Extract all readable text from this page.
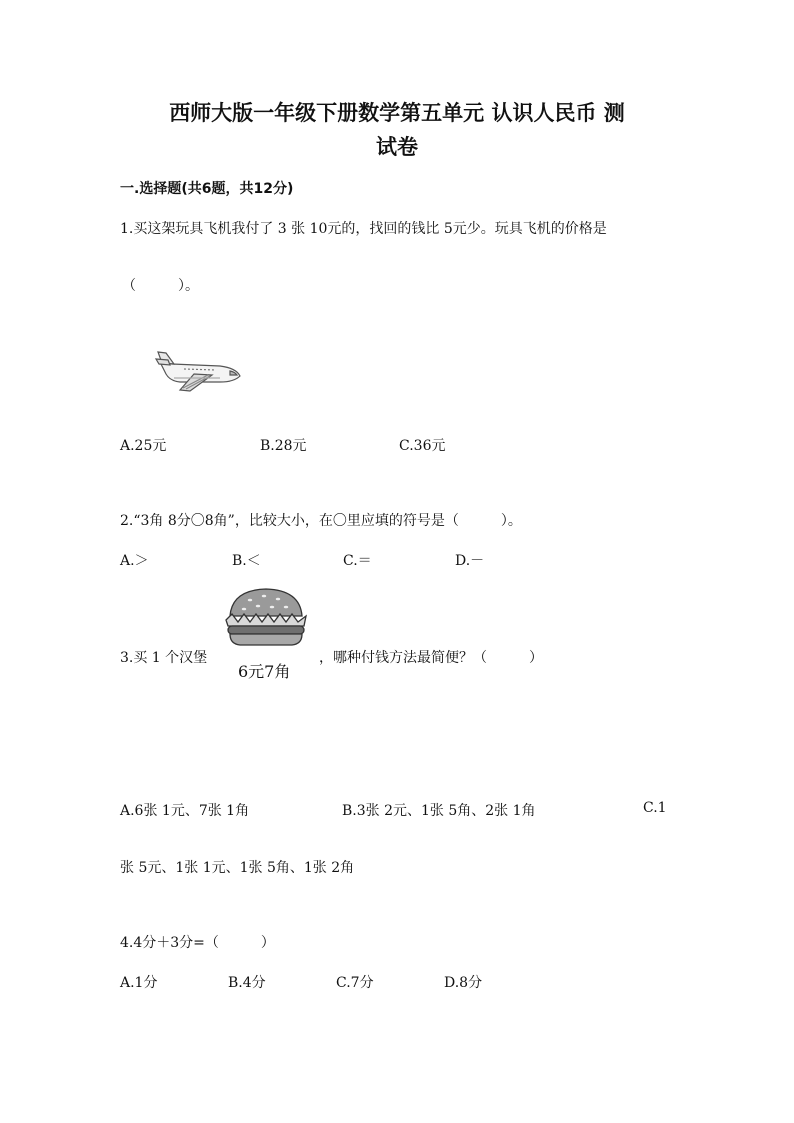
西师大版一年级下册数学第五单元 认识人民币 测
试卷
一.选择题(共6题，共12分)
1.买这架玩具飞机我付了 3 张 10元的，找回的钱比 5元少。玩具飞机的价格是
（　　　）。
A.25元	B.28元	C.36元
2.“3角 8分〇8角”，比较大小，在〇里应填的符号是（　　　）。
A.＞	B.＜	C.＝	D.－
3.买 1 个汉堡
6元7角
，哪种付钱方法最简便？（　　　）
A.6张 1元、7张 1角	B.3张 2元、1张 5角、2张 1角	C.1
张 5元、1张 1元、1张 5角、1张 2角
4.4分＋3分=（　　　）
A.1分	B.4分	C.7分	D.8分
